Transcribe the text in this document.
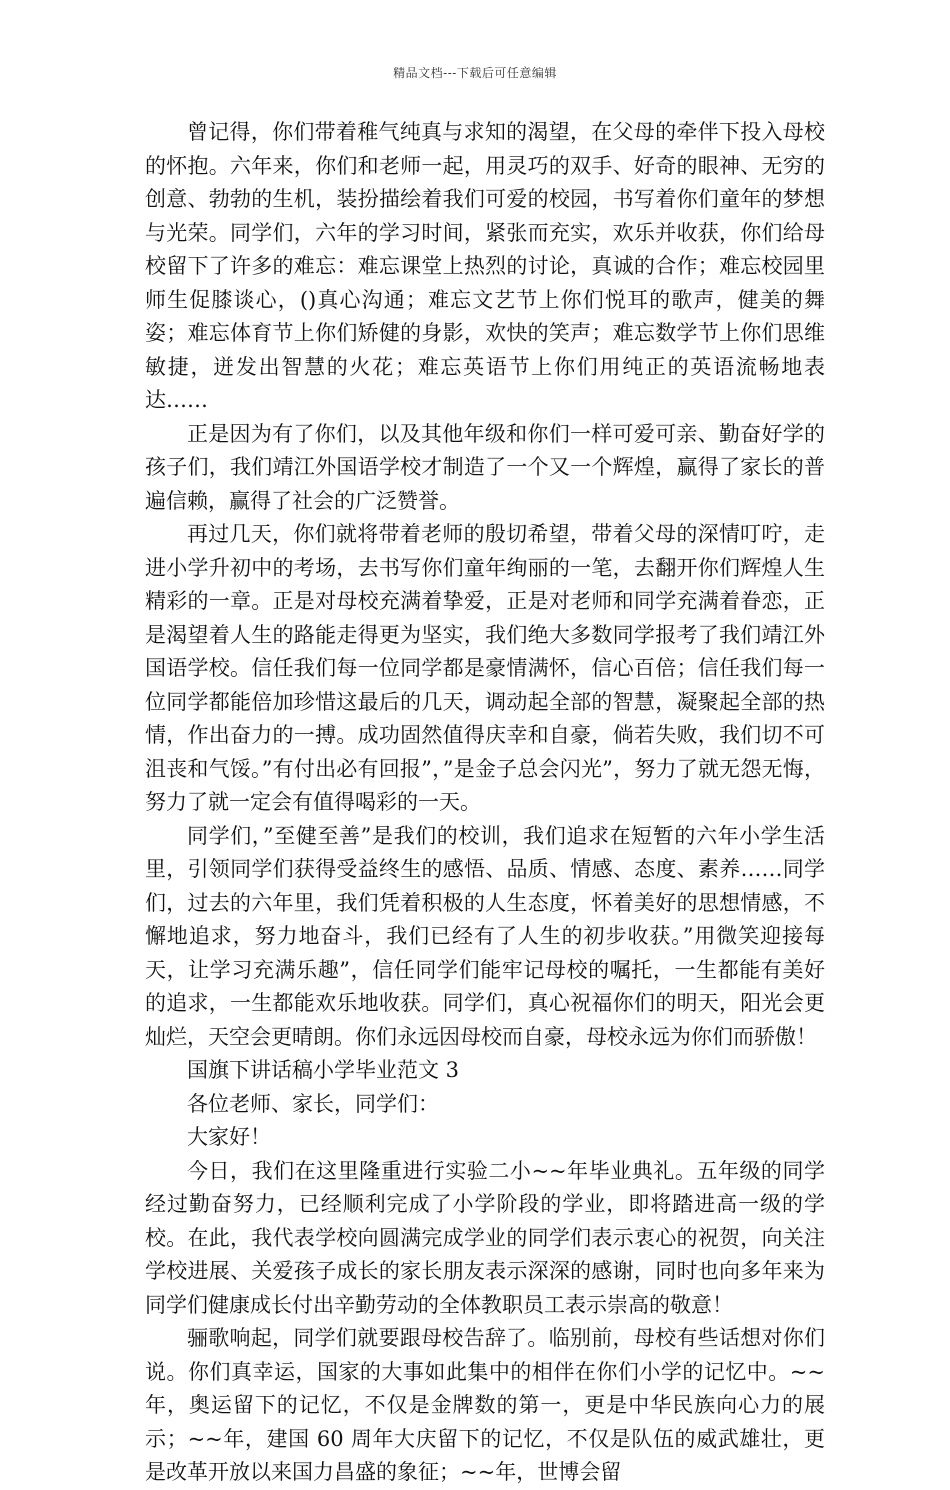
精品文档---下载后可任意编辑

曾记得，你们带着稚气纯真与求知的渴望，在父母的牵伴下投入母校的怀抱。六年来，你们和老师一起，用灵巧的双手、好奇的眼神、无穷的创意、勃勃的生机，装扮描绘着我们可爱的校园，书写着你们童年的梦想与光荣。同学们，六年的学习时间，紧张而充实，欢乐并收获，你们给母校留下了许多的难忘：难忘课堂上热烈的讨论，真诚的合作；难忘校园里师生促膝谈心，()真心沟通；难忘文艺节上你们悦耳的歌声，健美的舞姿；难忘体育节上你们矫健的身影，欢快的笑声；难忘数学节上你们思维敏捷，迸发出智慧的火花；难忘英语节上你们用纯正的英语流畅地表达……

正是因为有了你们，以及其他年级和你们一样可爱可亲、勤奋好学的孩子们，我们靖江外国语学校才制造了一个又一个辉煌，赢得了家长的普遍信赖，赢得了社会的广泛赞誉。

再过几天，你们就将带着老师的殷切希望，带着父母的深情叮咛，走进小学升初中的考场，去书写你们童年绚丽的一笔，去翻开你们辉煌人生精彩的一章。正是对母校充满着挚爱，正是对老师和同学充满着眷恋，正是渴望着人生的路能走得更为坚实，我们绝大多数同学报考了我们靖江外国语学校。信任我们每一位同学都是豪情满怀，信心百倍；信任我们每一位同学都能倍加珍惜这最后的几天，调动起全部的智慧，凝聚起全部的热情，作出奋力的一搏。成功固然值得庆幸和自豪，倘若失败，我们切不可沮丧和气馁。”有付出必有回报”，”是金子总会闪光”，努力了就无怨无悔，努力了就一定会有值得喝彩的一天。

同学们，”至健至善”是我们的校训，我们追求在短暂的六年小学生活里，引领同学们获得受益终生的感悟、品质、情感、态度、素养……同学们，过去的六年里，我们凭着积极的人生态度，怀着美好的思想情感，不懈地追求，努力地奋斗，我们已经有了人生的初步收获。”用微笑迎接每天，让学习充满乐趣”，信任同学们能牢记母校的嘱托，一生都能有美好的追求，一生都能欢乐地收获。同学们，真心祝福你们的明天，阳光会更灿烂，天空会更晴朗。你们永远因母校而自豪，母校永远为你们而骄傲！

国旗下讲话稿小学毕业范文 3

各位老师、家长，同学们：

大家好！

今日，我们在这里隆重进行实验二小~~年毕业典礼。五年级的同学经过勤奋努力，已经顺利完成了小学阶段的学业，即将踏进高一级的学校。在此，我代表学校向圆满完成学业的同学们表示衷心的祝贺，向关注学校进展、关爱孩子成长的家长朋友表示深深的感谢，同时也向多年来为同学们健康成长付出辛勤劳动的全体教职员工表示崇高的敬意！

骊歌响起，同学们就要跟母校告辞了。临别前，母校有些话想对你们说。你们真幸运，国家的大事如此集中的相伴在你们小学的记忆中。~~年，奥运留下的记忆，不仅是金牌数的第一，更是中华民族向心力的展示；~~年，建国 60 周年大庆留下的记忆，不仅是队伍的威武雄壮，更是改革开放以来国力昌盛的象征；~~年，世博会留
